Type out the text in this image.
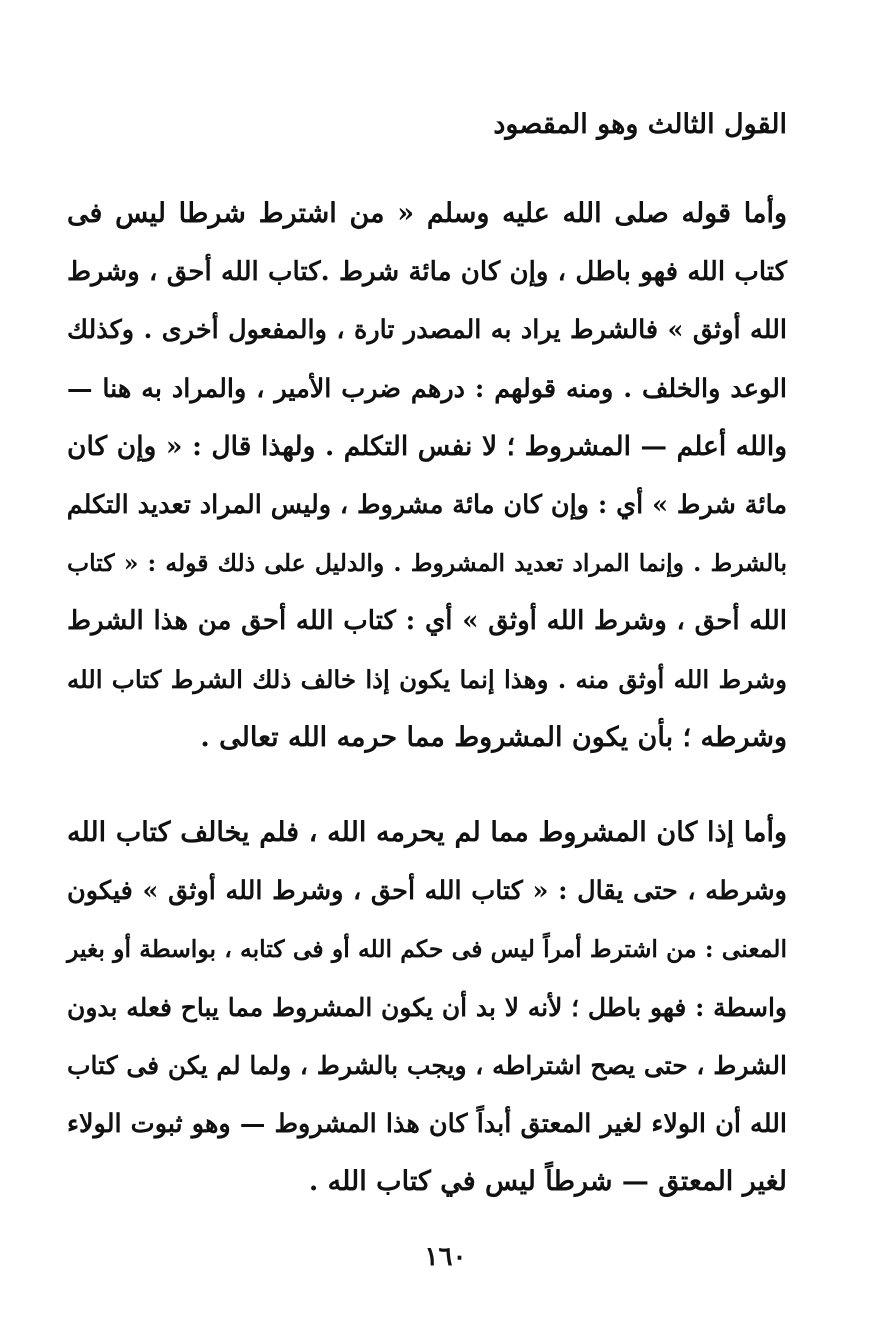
القول الثالث وهو المقصود
وأما قوله صلى الله عليه وسلم « من اشترط شرطا ليس فى
كتاب الله فهو باطل ، وإن كان مائة شرط .كتاب الله أحق ، وشرط
الله أوثق » فالشرط يراد به المصدر تارة ، والمفعول أخرى . وكذلك
الوعد والخلف . ومنه قولهم : درهم ضرب الأمير ، والمراد به هنا —
والله أعلم — المشروط ؛ لا نفس التكلم . ولهذا قال : « وإن كان
مائة شرط » أي : وإن كان مائة مشروط ، وليس المراد تعديد التكلم
بالشرط . وإنما المراد تعديد المشروط . والدليل على ذلك قوله : « كتاب
الله أحق ، وشرط الله أوثق » أي : كتاب الله أحق من هذا الشرط
وشرط الله أوثق منه . وهذا إنما يكون إذا خالف ذلك الشرط كتاب الله
وشرطه ؛ بأن يكون المشروط مما حرمه الله تعالى .
وأما إذا كان المشروط مما لم يحرمه الله ، فلم يخالف كتاب الله
وشرطه ، حتى يقال : « كتاب الله أحق ، وشرط الله أوثق » فيكون
المعنى : من اشترط أمراً ليس فى حكم الله أو فى كتابه ، بواسطة أو بغير
واسطة : فهو باطل ؛ لأنه لا بد أن يكون المشروط مما يباح فعله بدون
الشرط ، حتى يصح اشتراطه ، ويجب بالشرط ، ولما لم يكن فى كتاب
الله أن الولاء لغير المعتق أبداً كان هذا المشروط — وهو ثبوت الولاء
لغير المعتق — شرطاً ليس في كتاب الله .

١٦٠
